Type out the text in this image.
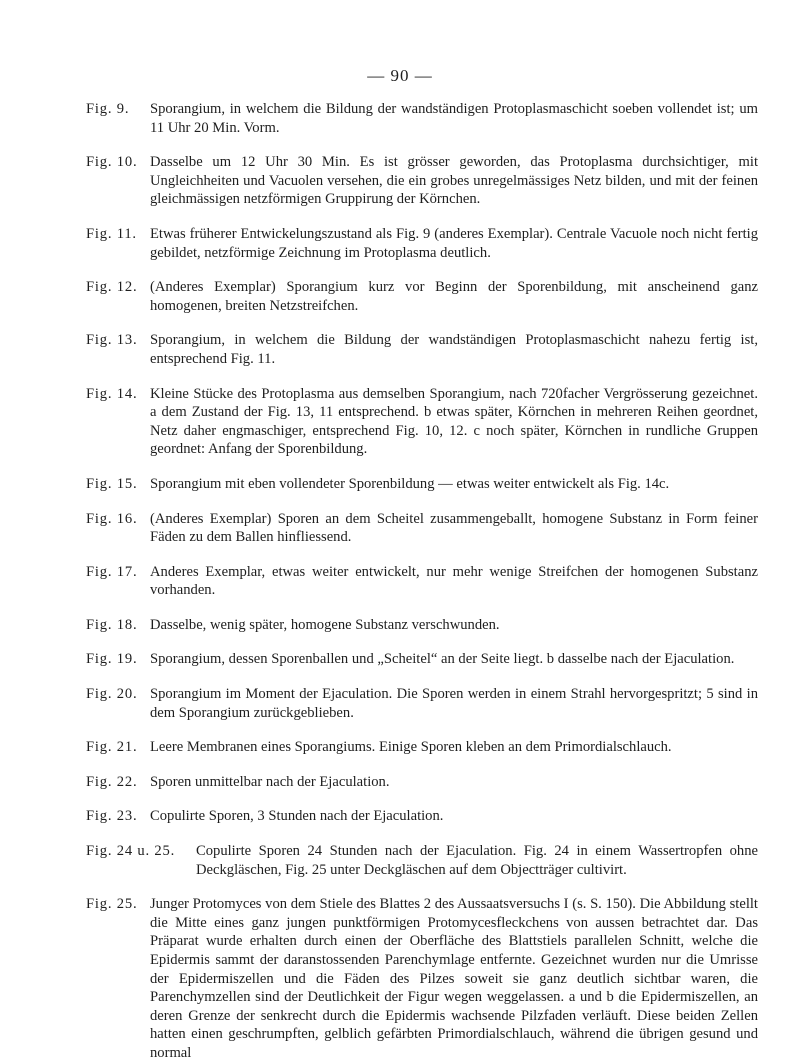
— 90 —
Fig. 9.	Sporangium, in welchem die Bildung der wandständigen Protoplasmaschicht soeben vollendet ist; um 11 Uhr 20 Min. Vorm.
Fig. 10. Dasselbe um 12 Uhr 30 Min. Es ist grösser geworden, das Protoplasma durchsichtiger, mit Ungleichheiten und Vacuolen versehen, die ein grobes unregelmässiges Netz bilden, und mit der feinen gleichmässigen netzförmigen Gruppirung der Körnchen.
Fig. 11. Etwas früherer Entwickelungszustand als Fig. 9 (anderes Exemplar). Centrale Vacuole noch nicht fertig gebildet, netzförmige Zeichnung im Protoplasma deutlich.
Fig. 12. (Anderes Exemplar) Sporangium kurz vor Beginn der Sporenbildung, mit anscheinend ganz homogenen, breiten Netzstreifchen.
Fig. 13. Sporangium, in welchem die Bildung der wandständigen Protoplasmaschicht nahezu fertig ist, entsprechend Fig. 11.
Fig. 14. Kleine Stücke des Protoplasma aus demselben Sporangium, nach 720facher Vergrösserung gezeichnet. a dem Zustand der Fig. 13, 11 entsprechend. b etwas später, Körnchen in mehreren Reihen geordnet, Netz daher engmaschiger, entsprechend Fig. 10, 12. c noch später, Körnchen in rundliche Gruppen geordnet: Anfang der Sporenbildung.
Fig. 15. Sporangium mit eben vollendeter Sporenbildung — etwas weiter entwickelt als Fig. 14c.
Fig. 16. (Anderes Exemplar) Sporen an dem Scheitel zusammengeballt, homogene Substanz in Form feiner Fäden zu dem Ballen hinfliessend.
Fig. 17. Anderes Exemplar, etwas weiter entwickelt, nur mehr wenige Streifchen der homogenen Substanz vorhanden.
Fig. 18. Dasselbe, wenig später, homogene Substanz verschwunden.
Fig. 19. Sporangium, dessen Sporenballen und „Scheitel“ an der Seite liegt. b dasselbe nach der Ejaculation.
Fig. 20. Sporangium im Moment der Ejaculation. Die Sporen werden in einem Strahl hervorgespritzt; 5 sind in dem Sporangium zurückgeblieben.
Fig. 21. Leere Membranen eines Sporangiums. Einige Sporen kleben an dem Primordialschlauch.
Fig. 22. Sporen unmittelbar nach der Ejaculation.
Fig. 23. Copulirte Sporen, 3 Stunden nach der Ejaculation.
Fig. 24 u. 25.	Copulirte Sporen 24 Stunden nach der Ejaculation. Fig. 24 in einem Wassertropfen ohne Deckgläschen, Fig. 25 unter Deckgläschen auf dem Objectträger cultivirt.
Fig. 25. Junger Protomyces von dem Stiele des Blattes 2 des Aussaatsversuchs I (s. S. 150). Die Abbildung stellt die Mitte eines ganz jungen punktförmigen Protomycesfleckchens von aussen betrachtet dar. Das Präparat wurde erhalten durch einen der Oberfläche des Blattstiels parallelen Schnitt, welche die Epidermis sammt der daranstossenden Parenchymlage entfernte. Gezeichnet wurden nur die Umrisse der Epidermiszellen und die Fäden des Pilzes soweit sie ganz deutlich sichtbar waren, die Parenchymzellen sind der Deutlichkeit der Figur wegen weggelassen. a und b die Epidermiszellen, an deren Grenze der senkrecht durch die Epidermis wachsende Pilzfaden verläuft. Diese beiden Zellen hatten einen geschrumpften, gelblich gefärbten Primordialschlauch, während die übrigen gesund und normal
